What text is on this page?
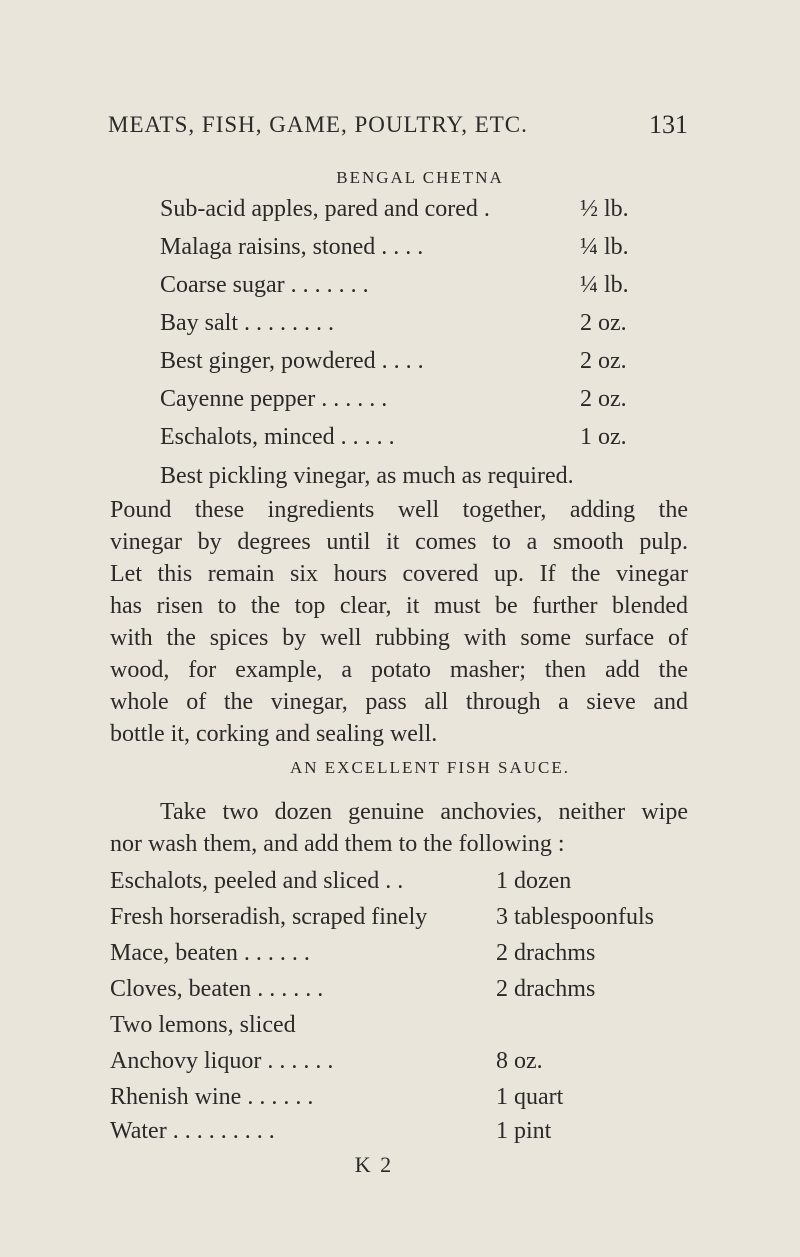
MEATS, FISH, GAME, POULTRY, ETC.	131
BENGAL CHETNA
Sub-acid apples, pared and cored .	½ lb.
Malaga raisins, stoned . . . .	¼ lb.
Coarse sugar . . . . . . .	¼ lb.
Bay salt . . . . . . . .	2 oz.
Best ginger, powdered . . . .	2 oz.
Cayenne pepper . . . . . .	2 oz.
Eschalots, minced . . . . .	1 oz.
Best pickling vinegar, as much as required.
Pound these ingredients well together, adding the
vinegar by degrees until it comes to a smooth pulp.
Let this remain six hours covered up. If the vinegar
has risen to the top clear, it must be further blended
with the spices by well rubbing with some surface of
wood, for example, a potato masher; then add the
whole of the vinegar, pass all through a sieve and
bottle it, corking and sealing well.
AN EXCELLENT FISH SAUCE.
Take two dozen genuine anchovies, neither wipe
nor wash them, and add them to the following :
Eschalots, peeled and sliced . .	1 dozen
Fresh horseradish, scraped finely	3 tablespoonfuls
Mace, beaten . . . . . .	2 drachms
Cloves, beaten . . . . . .	2 drachms
Two lemons, sliced
Anchovy liquor . . . . . .	8 oz.
Rhenish wine . . . . . .	1 quart
Water . . . . . . . . .	1 pint
K 2
